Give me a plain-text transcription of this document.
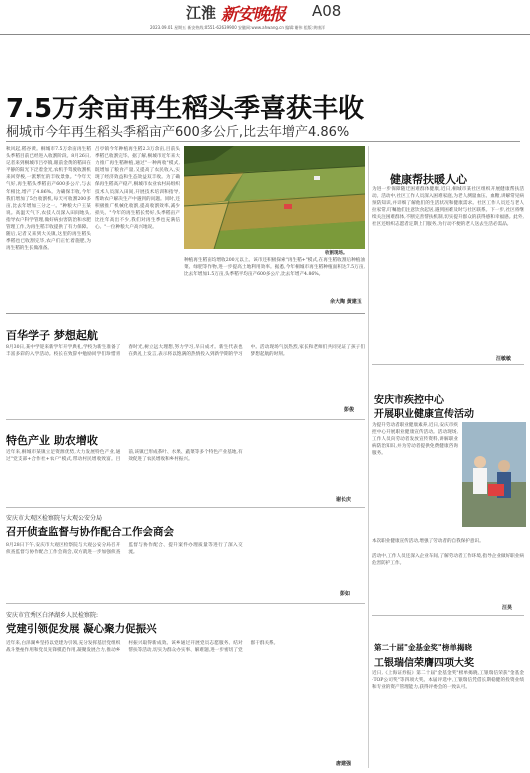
江淮 新安晚报 A08
2023.09.01 星期五 新安热线:0551-62639900 安徽网:www.ahwang.cn 编辑:谢伟 组版:黄康洋
7.5万余亩再生稻头季喜获丰收
桐城市今年再生稻头季稻亩产600多公斤,比去年增产4.86%
秋风起,稻谷黄。桐城市7.5万余亩再生稻头季稻目前已经进入收割阶段。8月26日,记者来到桐城市吕亭镇,眼前金黄的稻田在平静的阳光下泛着金光,农机手驾驶收割机来回穿梭,一派繁忙的丰收景象。"今年天气好,再生稻头季稻亩产600多公斤,与去年相比,增产了4.86%。为确保丰收,今年我们增加了5台收割机,每天可收割200多亩,比去年增加三分之一。"种粮大户王某说。高温天气下,农技人员深入田间地头,指导农户科学管理,做好病虫害防治和水肥管理工作,为再生稻丰收提供了有力保障。随后,记者又来到大关镇,这里的再生稻头季稻也已收割完毕,农户们正忙着施肥,为再生稻的生长做准备。
吕亭镇今年种植再生稻2.3万余亩,目前头季稻已收割完毕。据了解,桐城市近年来大力推广再生稻种植,通过"一种两收"模式,既增加了粮食产量,又提高了农民收入,实现了经济效益和生态效益双丰收。为了确保再生稻高产稳产,桐城市农业农村局组织技术人员深入田间,开展技术培训和指导,帮助农户解决生产中遇到的问题。同时,还积极推广机械化收割,提高收割效率,减少损失。"今年的再生稻长势好,头季稻亩产比往年高出不少,我们对再生季也充满信心。"一位种粮大户高兴地说。
收割现场。
种植再生稻亩均增收200元以上。该市还积极探索"再生稻+"模式,在再生稻收割后种植油菜、绿肥等作物,进一步提高土地利用效率。据悉,今年桐城市再生稻种植面积达7.5万亩,比去年增加1.5万亩,头季稻平均亩产600多公斤,比去年增产4.86%。
余大陶 黄建玉
健康帮扶暖人心
为进一步保障随迁困难群体健康,近日,桐城市某社区组织开展健康帮扶活动。活动中,社区工作人员深入困难家庭,为老人测量血压、血糖,讲解常见病预防知识,并详细了解他们的生活状况和健康需求。社区工作人员还与老人拉家常,叮嘱他们注意饮食起居,遇到困难及时与社区联系。下一步,社区将继续关注困难群体,不断完善帮扶机制,切实提升群众的获得感和幸福感。此外,社区还组织志愿者定期上门服务,为行动不便的老人送去生活必需品。
汪敏敏
安庆市疾控中心
开展职业健康宣传活动
为提升劳动者职业健康素养,近日,安庆市疾控中心开展职业健康宣传活动。活动现场,工作人员向劳动者发放宣传资料,讲解职业病防治知识,并为劳动者提供免费健康咨询服务。
本次职业健康宣传活动,增强了劳动者的自我保护意识。
活动中,工作人员还深入企业车间,了解劳动者工作环境,指导企业做好职业病危害防护工作。
汪昊
第二十届"金基金奖"榜单揭晓
工银瑞信荣膺四项大奖
近日,《上海证券报》第二十届"金基金奖"榜单揭晓,工银瑞信荣获"金基金·TOP公司奖"等四项大奖。本届评选中,工银瑞信凭借长期稳健的投资业绩和专业的资产管理能力,获得评委会的一致认可。
百华学子 梦想起航
8月30日,某中学迎来新学年开学典礼,学校为新生准备了丰富多彩的入学活动。校长在致辞中勉励同学们珍惜青春时光,树立远大理想,努力学习,早日成才。新生代表也在典礼上发言,表示将以饱满的热情投入到新学期的学习中。活动现场气氛热烈,家长和老师们共同见证了孩子们梦想起航的时刻。
彭俊
特色产业 助农增收
近年来,桐城市某镇立足资源优势,大力发展特色产业,通过"党支部+合作社+农户"模式,带动村民增收致富。目前,该镇已形成茶叶、水果、蔬菜等多个特色产业基地,有效促进了农民增收和乡村振兴。
谢长庆
安庆市大观区检察院与大观公安分局
召开侦查监督与协作配合工作会商会
8月28日下午,安庆市大观区检察院与大观公安分局召开侦查监督与协作配合工作会商会,双方就进一步加强侦查监督与协作配合、提升案件办理质量等进行了深入交流。
彭如
安庆市宜秀区白泽湖乡人民检察院:
党建引领促发展 凝心聚力促振兴
近年来,白泽湖乡坚持以党建为引领,充分发挥基层党组织战斗堡垒作用和党员先锋模范作用,凝聚发展合力,推动乡村振兴取得新成效。该乡通过开展党员志愿服务、结对帮扶等活动,切实为群众办实事、解难题,进一步密切了党群干群关系。
唐建强
